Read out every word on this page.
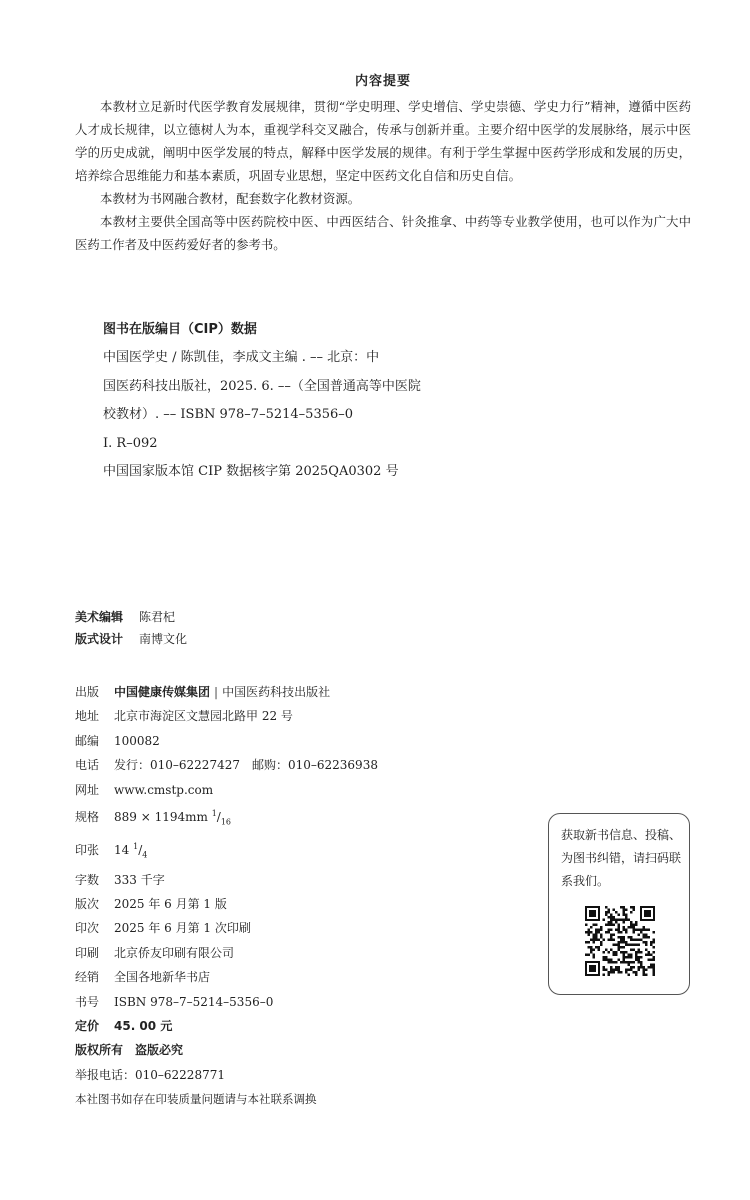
内容提要

本教材立足新时代医学教育发展规律，贯彻“学史明理、学史增信、学史崇德、学史力行”精神，遵循中医药人才成长规律，以立德树人为本，重视学科交叉融合，传承与创新并重。主要介绍中医学的发展脉络，展示中医学的历史成就，阐明中医学发展的特点，解释中医学发展的规律。有利于学生掌握中医药学形成和发展的历史，培养综合思维能力和基本素质，巩固专业思想，坚定中医药文化自信和历史自信。

本教材为书网融合教材，配套数字化教材资源。

本教材主要供全国高等中医药院校中医、中西医结合、针灸推拿、中药等专业教学使用，也可以作为广大中医药工作者及中医药爱好者的参考书。

图书在版编目（CIP）数据
中国医学史 / 陈凯佳，李成文主编 . –– 北京：中
国医药科技出版社，2025. 6. ––（全国普通高等中医院
校教材）. –– ISBN 978–7–5214–5356–0
Ⅰ. R–092
中国国家版本馆 CIP 数据核字第 2025QA0302 号
美术编辑 陈君杞
版式设计 南博文化
出版 中国健康传媒集团 | 中国医药科技出版社
地址 北京市海淀区文慧园北路甲 22 号
邮编 100082
电话 发行：010–62227427　邮购：010–62236938
网址 www.cmstp.com
规格 889 × 1194mm $^1/_{16}$
印张 14 $^1/_4$
字数 333 千字
版次 2025 年 6 月第 1 版
印次 2025 年 6 月第 1 次印刷
印刷 北京侨友印刷有限公司
经销 全国各地新华书店
书号 ISBN 978–7–5214–5356–0
定价 45. 00 元
版权所有　盗版必究
举报电话：010–62228771
本社图书如存在印装质量问题请与本社联系调换
获取新书信息、投稿、为图书纠错，请扫码联系我们。
